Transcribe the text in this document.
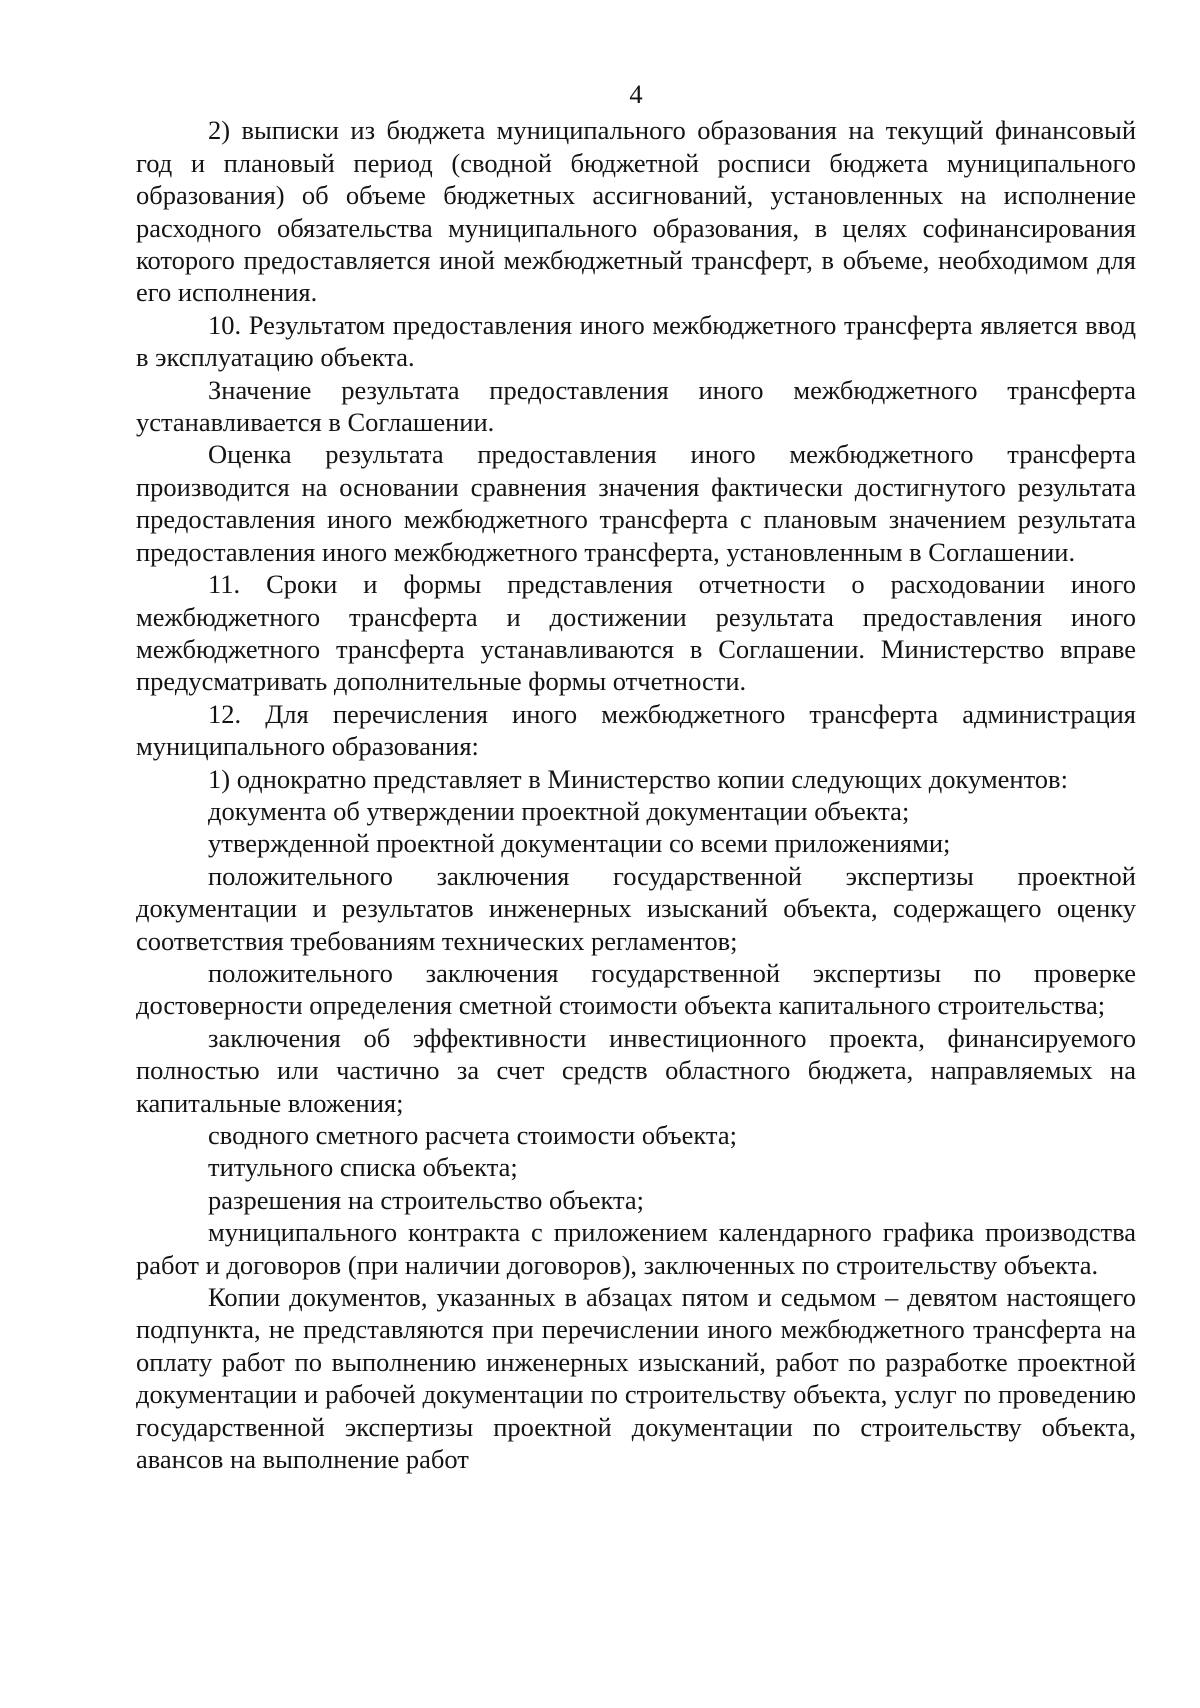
4

2) выписки из бюджета муниципального образования на текущий финансовый год и плановый период (сводной бюджетной росписи бюджета муниципального образования) об объеме бюджетных ассигнований, установленных на исполнение расходного обязательства муниципального образования, в целях софинансирования которого предоставляется иной межбюджетный трансферт, в объеме, необходимом для его исполнения.

10. Результатом предоставления иного межбюджетного трансферта является ввод в эксплуатацию объекта.

Значение результата предоставления иного межбюджетного трансферта устанавливается в Соглашении.

Оценка результата предоставления иного межбюджетного трансферта производится на основании сравнения значения фактически достигнутого результата предоставления иного межбюджетного трансферта с плановым значением результата предоставления иного межбюджетного трансферта, установленным в Соглашении.

11. Сроки и формы представления отчетности о расходовании иного межбюджетного трансферта и достижении результата предоставления иного межбюджетного трансферта устанавливаются в Соглашении. Министерство вправе предусматривать дополнительные формы отчетности.

12. Для перечисления иного межбюджетного трансферта администрация муниципального образования:

1) однократно представляет в Министерство копии следующих документов:

документа об утверждении проектной документации объекта;

утвержденной проектной документации со всеми приложениями;

положительного заключения государственной экспертизы проектной документации и результатов инженерных изысканий объекта, содержащего оценку соответствия требованиям технических регламентов;

положительного заключения государственной экспертизы по проверке достоверности определения сметной стоимости объекта капитального строительства;

заключения об эффективности инвестиционного проекта, финансируемого полностью или частично за счет средств областного бюджета, направляемых на капитальные вложения;

сводного сметного расчета стоимости объекта;

титульного списка объекта;

разрешения на строительство объекта;

муниципального контракта с приложением календарного графика производства работ и договоров (при наличии договоров), заключенных по строительству объекта.

Копии документов, указанных в абзацах пятом и седьмом – девятом настоящего подпункта, не представляются при перечислении иного межбюджетного трансферта на оплату работ по выполнению инженерных изысканий, работ по разработке проектной документации и рабочей документации по строительству объекта, услуг по проведению государственной экспертизы проектной документации по строительству объекта, авансов на выполнение работ
